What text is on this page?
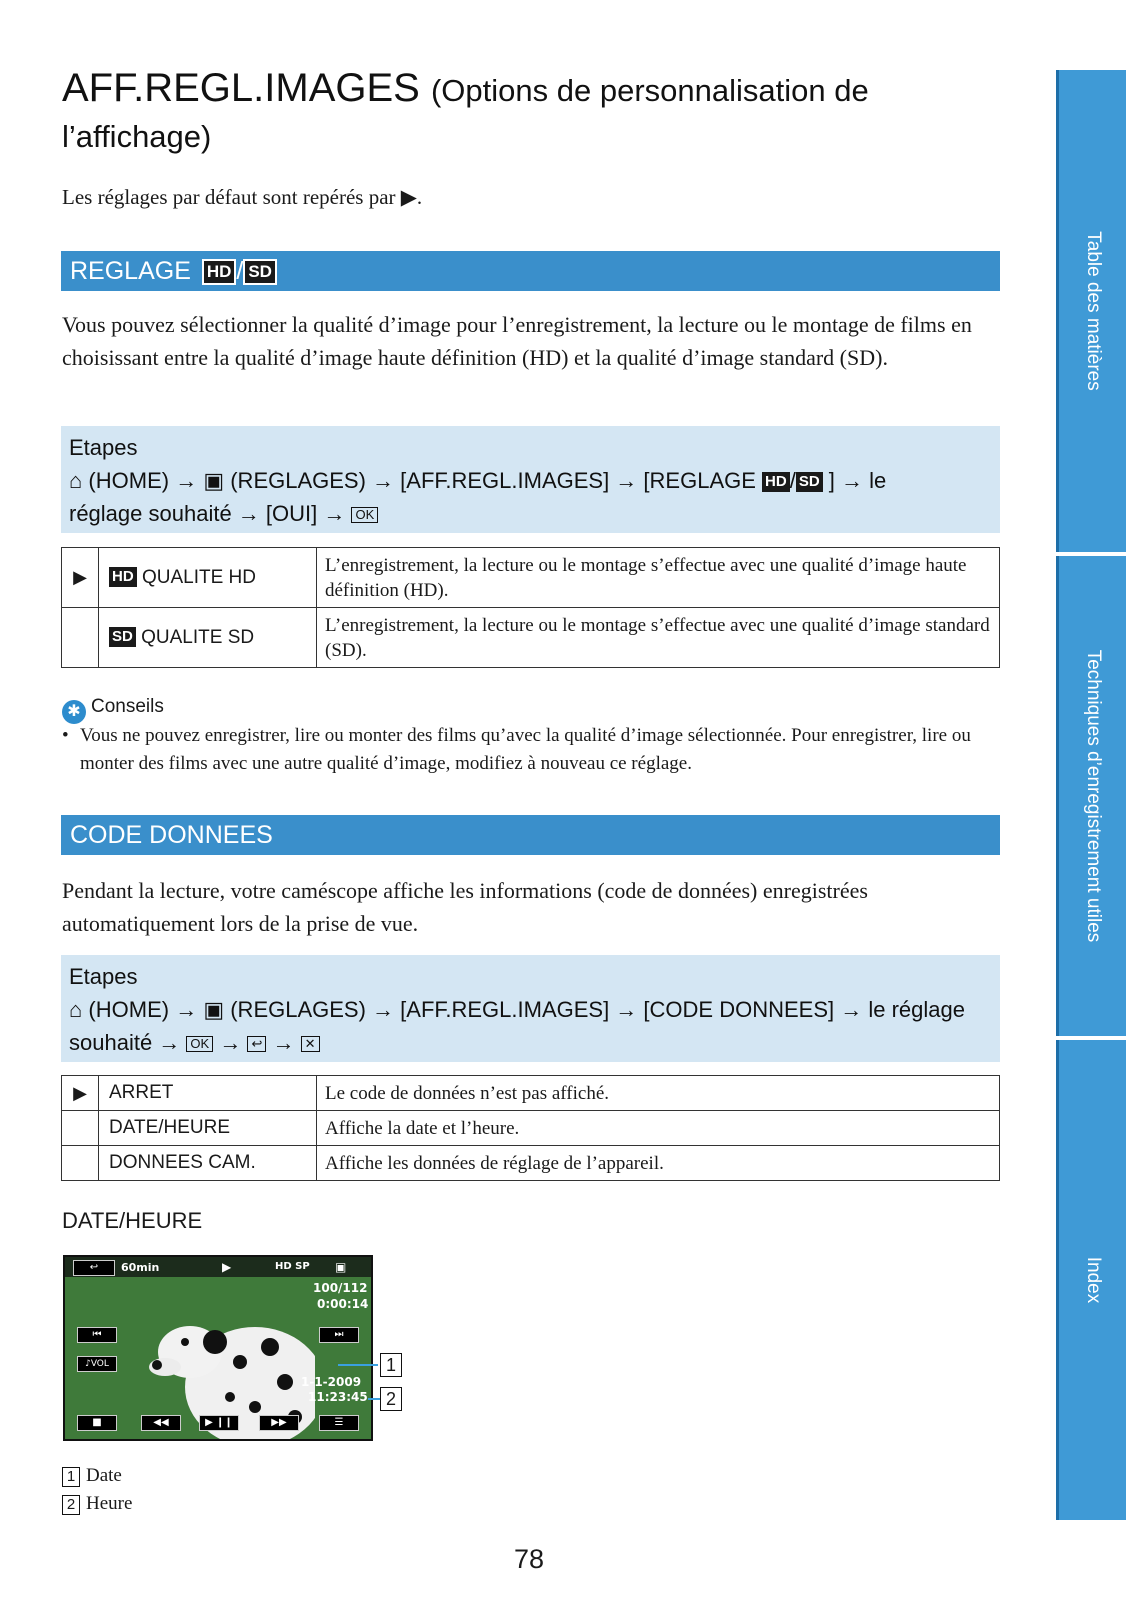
AFF.REGL.IMAGES (Options de personnalisation de
l’affichage)
Les réglages par défaut sont repérés par ▶.
REGLAGE HD / SD
Vous pouvez sélectionner la qualité d’image pour l’enregistrement, la lecture ou le montage de films en choisissant entre la qualité d’image haute définition (HD) et la qualité d’image standard (SD).
Etapes
⌂ (HOME) → ▣ (REGLAGES) → [AFF.REGL.IMAGES] → [REGLAGE HD / SD ] → le
réglage souhaité → [OUI] → OK
▶	HD QUALITE HD	L’enregistrement, la lecture ou le montage s’effectue avec une qualité d’image haute définition (HD).
	SD QUALITE SD	L’enregistrement, la lecture ou le montage s’effectue avec une qualité d’image standard (SD).
✱ Conseils
• Vous ne pouvez enregistrer, lire ou monter des films qu’avec la qualité d’image sélectionnée. Pour enregistrer, lire ou monter des films avec une autre qualité d’image, modifiez à nouveau ce réglage.
CODE DONNEES
Pendant la lecture, votre caméscope affiche les informations (code de données) enregistrées automatiquement lors de la prise de vue.
Etapes
⌂ (HOME) → ▣ (REGLAGES) → [AFF.REGL.IMAGES] → [CODE DONNEES] → le réglage
souhaité → OK → ↩ → ✕
▶	ARRET	Le code de données n’est pas affiché.
	DATE/HEURE	Affiche la date et l’heure.
	DONNEES CAM.	Affiche les données de réglage de l’appareil.
DATE/HEURE
↩	60min	▶	HD SP ▣
100/112
0:00:14
⏮	⏭
♪VOL
1-1-2009
11:23:45
■	◀◀	▶ ❙❙	▶▶	☰
1
2
1 Date
2 Heure
78
Table des matières
Techniques d’enregistrement utiles
Index
